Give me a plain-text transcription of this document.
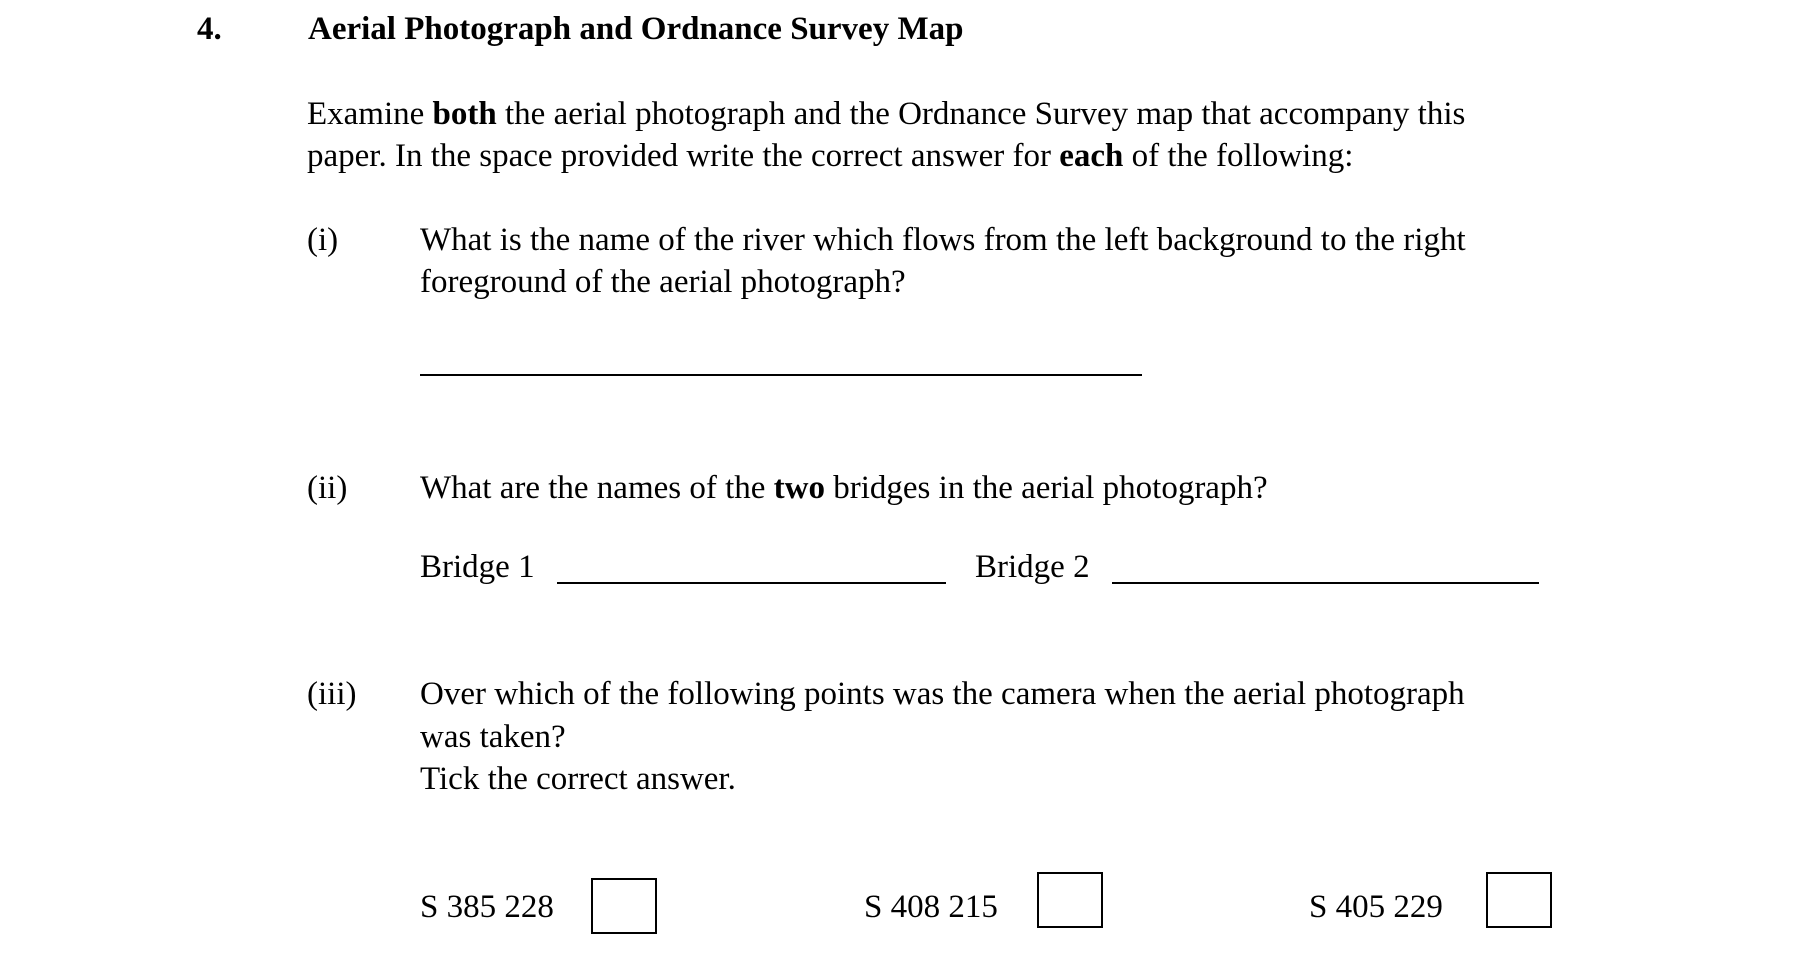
4.	Aerial Photograph and Ordnance Survey Map
Examine both the aerial photograph and the Ordnance Survey map that accompany this
paper. In the space provided write the correct answer for each of the following:
(i) What is the name of the river which flows from the left background to the right
foreground of the aerial photograph?
(ii) What are the names of the two bridges in the aerial photograph?
Bridge 1	Bridge 2
(iii) Over which of the following points was the camera when the aerial photograph
was taken?
Tick the correct answer.
S 385 228	S 408 215	S 405 229
